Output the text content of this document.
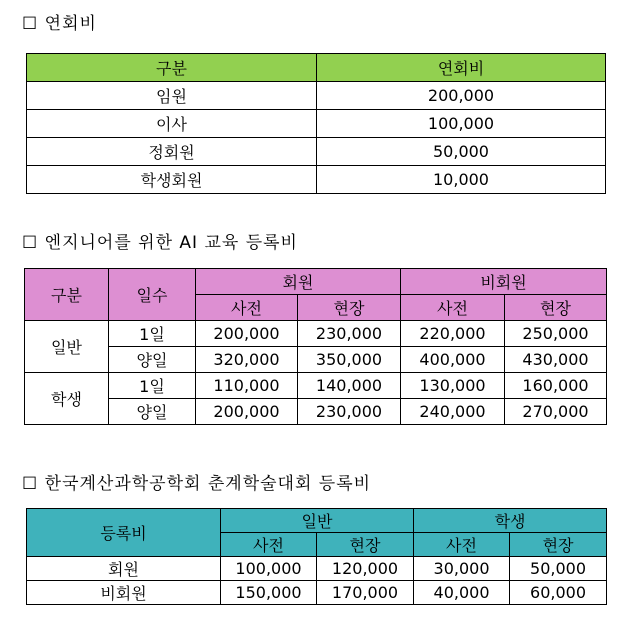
☐ 연회비
구분	연회비
임원	200,000
이사	100,000
정회원	50,000
학생회원	10,000
☐ 엔지니어를 위한 AI 교육 등록비
구분	일수	회원		비회원	
		사전	현장	사전	현장
일반	1일	200,000	230,000	220,000	250,000
	양일	320,000	350,000	400,000	430,000
학생	1일	110,000	140,000	130,000	160,000
	양일	200,000	230,000	240,000	270,000
☐ 한국계산과학공학회 춘계학술대회 등록비
등록비	일반		학생	
	사전	현장	사전	현장
회원	100,000	120,000	30,000	50,000
비회원	150,000	170,000	40,000	60,000
